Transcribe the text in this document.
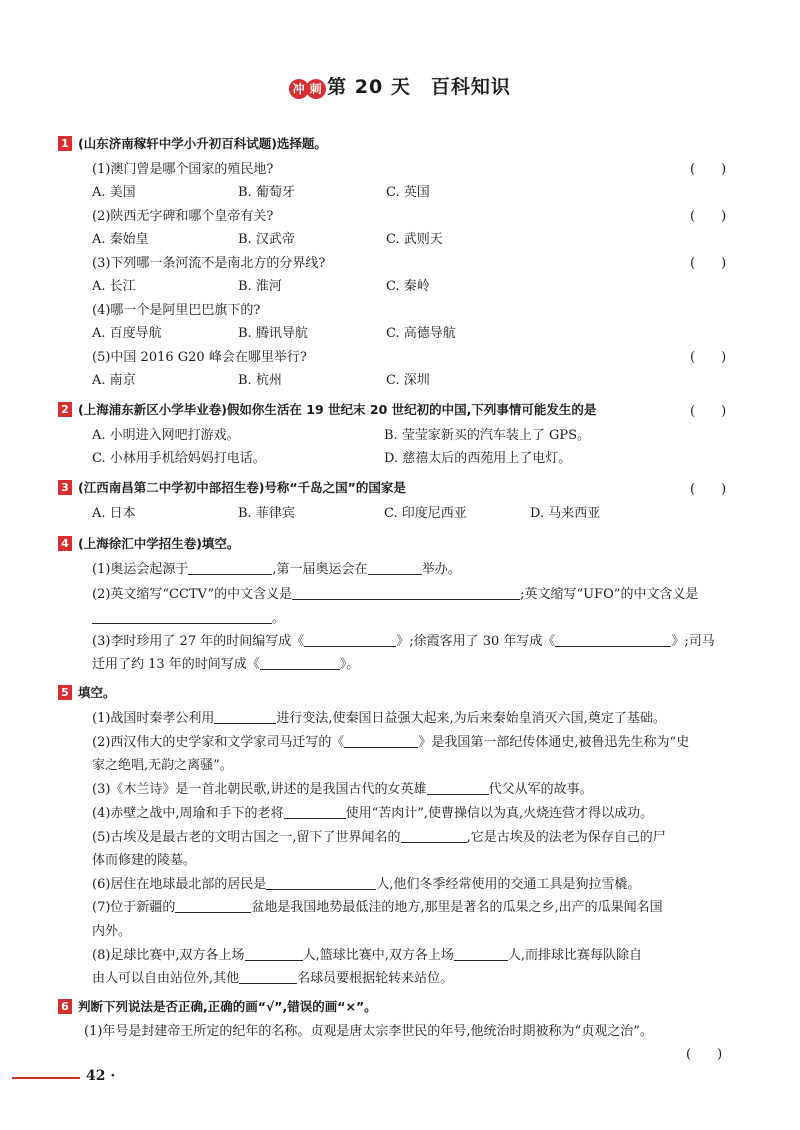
冲 刺 第 20 天　百科知识
1 (山东济南稼轩中学小升初百科试题)选择题。
(1)澳门曾是哪个国家的殖民地?	(　　)
A. 美国	B. 葡萄牙	C. 英国
(2)陕西无字碑和哪个皇帝有关?	(　　)
A. 秦始皇	B. 汉武帝	C. 武则天
(3)下列哪一条河流不是南北方的分界线?	(　　)
A. 长江	B. 淮河	C. 秦岭
(4)哪一个是阿里巴巴旗下的?
A. 百度导航	B. 腾讯导航	C. 高德导航
(5)中国 2016 G20 峰会在哪里举行?	(　　)
A. 南京	B. 杭州	C. 深圳
2 (上海浦东新区小学毕业卷)假如你生活在 19 世纪末 20 世纪初的中国,下列事情可能发生的是	(　　)
A. 小明进入网吧打游戏。	B. 莹莹家新买的汽车装上了 GPS。
C. 小林用手机给妈妈打电话。	D. 慈禧太后的西苑用上了电灯。
3 (江西南昌第二中学初中部招生卷)号称“千岛之国”的国家是	(　　)
A. 日本	B. 菲律宾	C. 印度尼西亚	D. 马来西亚
4 (上海徐汇中学招生卷)填空。
(1)奥运会起源于	,第一届奥运会在	举办。
(2)英文缩写“CCTV”的中文含义是	;英文缩写“UFO”的中文含义是
。
(3)李时珍用了 27 年的时间编写成《	》;徐霞客用了 30 年写成《	》;司马
迁用了约 13 年的时间写成《	》。
5 填空。
(1)战国时秦孝公利用	进行变法,使秦国日益强大起来,为后来秦始皇消灭六国,奠定了基础。
(2)西汉伟大的史学家和文学家司马迁写的《	》是我国第一部纪传体通史,被鲁迅先生称为“史
家之绝唱,无韵之离骚”。
(3)《木兰诗》是一首北朝民歌,讲述的是我国古代的女英雄	代父从军的故事。
(4)赤壁之战中,周瑜和手下的老将	使用“苦肉计”,使曹操信以为真,火烧连营才得以成功。
(5)古埃及是最古老的文明古国之一,留下了世界闻名的	,它是古埃及的法老为保存自己的尸
体而修建的陵墓。
(6)居住在地球最北部的居民是	人,他们冬季经常使用的交通工具是狗拉雪橇。
(7)位于新疆的	盆地是我国地势最低洼的地方,那里是著名的瓜果之乡,出产的瓜果闻名国
内外。
(8)足球比赛中,双方各上场	人,篮球比赛中,双方各上场	人,而排球比赛每队除自
由人可以自由站位外,其他	名球员要根据轮转来站位。
6 判断下列说法是否正确,正确的画“√”,错误的画“×”。
(1)年号是封建帝王所定的纪年的名称。贞观是唐太宗李世民的年号,他统治时期被称为“贞观之治”。
(　　)
42 ·
